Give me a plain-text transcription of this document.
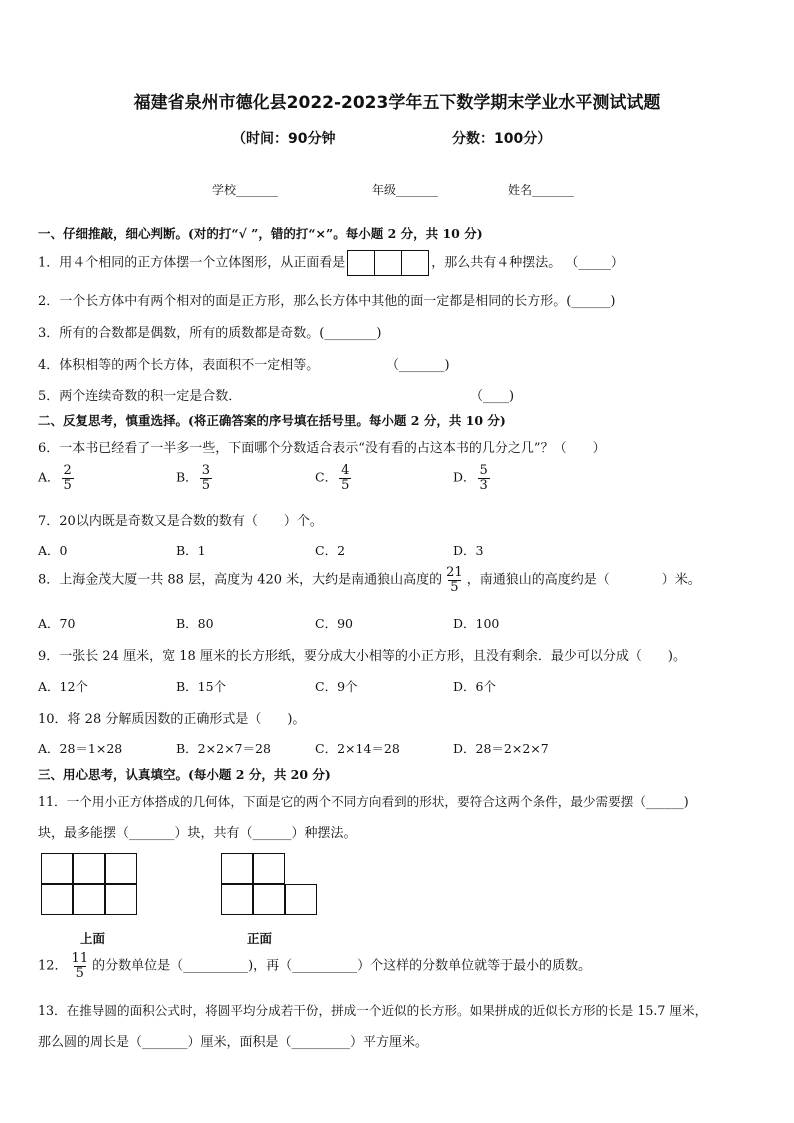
福建省泉州市德化县2022-2023学年五下数学期末学业水平测试试题
（时间：90分钟	分数：100分）
学校_______	年级_______	姓名_______
一、仔细推敲，细心判断。(对的打“√ ”，错的打“×”。每小题 2 分，共 10 分)
1．用４个相同的正方体摆一个立体图形，从正面看是	，那么共有４种摆法。 （_____）
2．一个长方体中有两个相对的面是正方形，那么长方体中其他的面一定都是相同的长方形。(______)
3．所有的合数都是偶数，所有的质数都是奇数。(________)
4．体积相等的两个长方体，表面积不一定相等。	（_______)
5．两个连续奇数的积一定是合数．	（____)
二、反复思考，慎重选择。(将正确答案的序号填在括号里。每小题 2 分，共 10 分)
6．一本书已经看了一半多一些，下面哪个分数适合表示“没有看的占这本书的几分之几”？（　　）
A． $\frac{2}{5}$	B． $\frac{3}{5}$	C． $\frac{4}{5}$	D． $\frac{5}{3}$
7．20以内既是奇数又是合数的数有（　　）个。
A．0	B．1	C．2	D．3
8．上海金茂大厦一共 88 层，高度为 420 米，大约是南通狼山高度的 $\frac{21}{5}$ ，南通狼山的高度约是（　　　　）米。
A．70	B．80	C．90	D．100
9．一张长 24 厘米，宽 18 厘米的长方形纸，要分成大小相等的小正方形，且没有剩余．最少可以分成（　　)。
A．12个	B．15个	C．9个	D．6个
10．将 28 分解质因数的正确形式是（　　)。
A．28＝1×28	B．2×2×7＝28	C．2×14＝28	D．28＝2×2×7
三、用心思考，认真填空。(每小题 2 分，共 20 分)
11．一个用小正方体搭成的几何体，下面是它的两个不同方向看到的形状，要符合这两个条件，最少需要摆（______)
块，最多能摆（_______）块，共有（______）种摆法。
上面	正面
12． $\frac{11}{5}$ 的分数单位是（__________)，再（__________）个这样的分数单位就等于最小的质数。
13．在推导圆的面积公式时，将圆平均分成若干份，拼成一个近似的长方形。如果拼成的近似长方形的长是 15.7 厘米，
那么圆的周长是（_______）厘米，面积是（_________）平方厘米。
